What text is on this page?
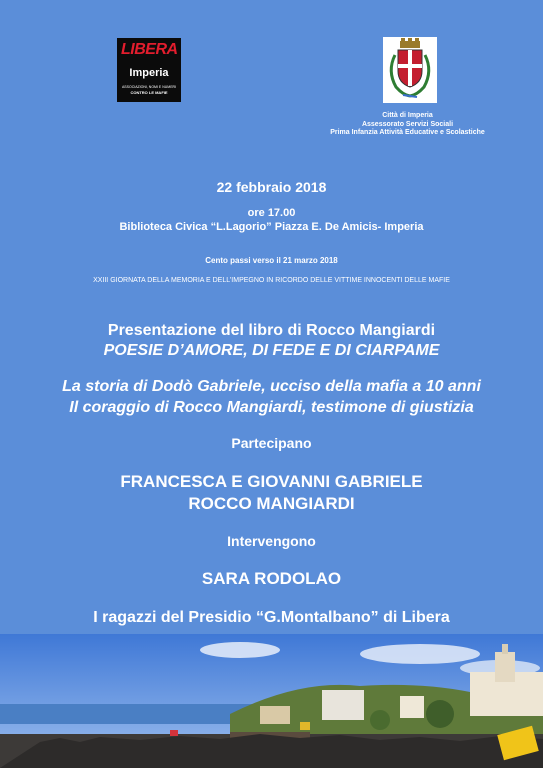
LIBERA
Imperia
ASSOCIAZIONI, NOMI E NUMERI
CONTRO LE MAFIE
Città di Imperia
Assessorato Servizi Sociali
Prima Infanzia Attività Educative e Scolastiche
22 febbraio 2018
ore 17.00
Biblioteca Civica “L.Lagorio” Piazza E. De Amicis- Imperia
Cento passi verso il 21 marzo 2018
XXIII GIORNATA DELLA MEMORIA E DELL’IMPEGNO IN RICORDO DELLE VITTIME INNOCENTI DELLE MAFIE
Presentazione del libro di Rocco Mangiardi
POESIE D’AMORE, DI FEDE E DI CIARPAME
La storia di Dodò Gabriele, ucciso della mafia a 10 anni
Il coraggio di Rocco Mangiardi, testimone di giustizia
Partecipano
FRANCESCA E GIOVANNI GABRIELE
ROCCO MANGIARDI
Intervengono
SARA RODOLAO
I ragazzi del Presidio “G.Montalbano” di Libera
